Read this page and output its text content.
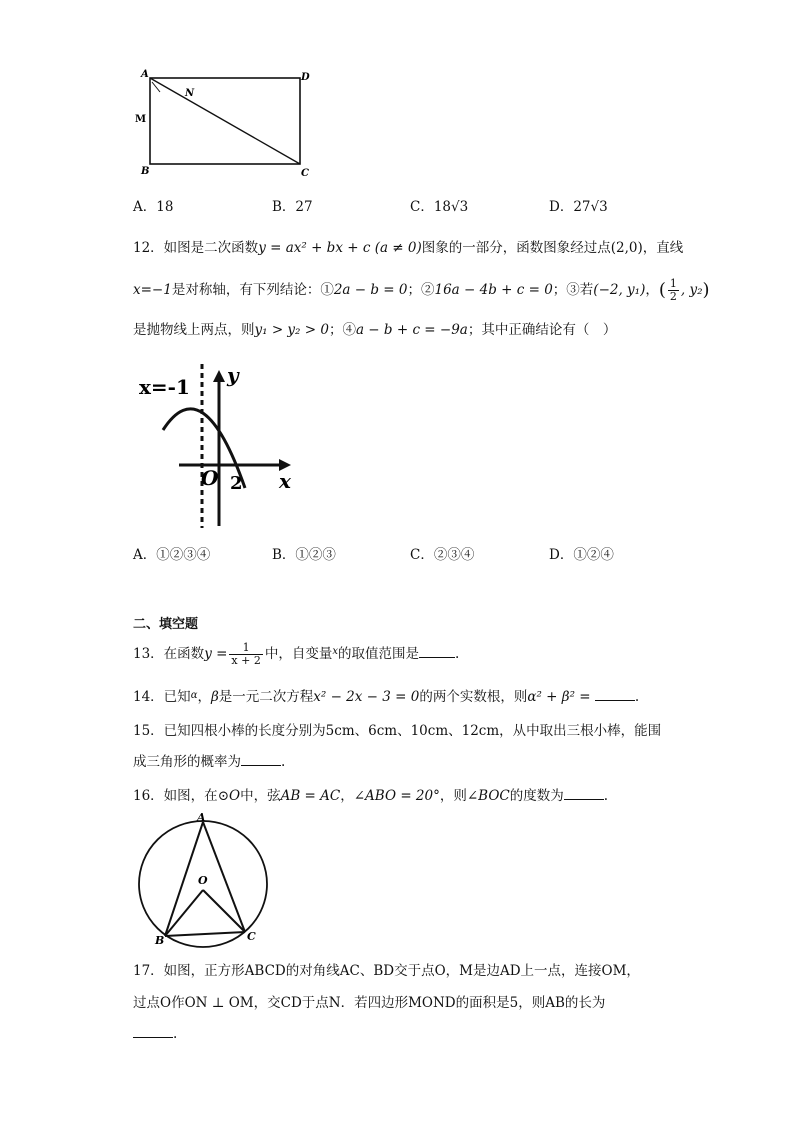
A	D
B	C
M
N
A．18	B．27	C．18√3	D．27√3
12．如图是二次函数y = ax² + bx + c (a ≠ 0)图象的一部分，函数图象经过点(2,0)，直线
x=−1是对称轴，有下列结论：①2a − b = 0；②16a − 4b + c = 0；③若(−2, y₁)，( $\frac{1}{2}$ , y₂)
是抛物线上两点，则y₁ > y₂ > 0；④a − b + c = −9a；其中正确结论有（　）
x=-1 y
x
O 2
A．①②③④	B．①②③	C．②③④	D．①②④
二、填空题
13．在函数$y = \frac{1}{x + 2}$ 中，自变量$^x$的取值范围是	.
14．已知$^\alpha$，β是一元二次方程x² − 2x − 3 = 0的两个实数根，则α² + β² =	.
15．已知四根小棒的长度分别为5cm、6cm、10cm、12cm，从中取出三根小棒，能围
成三角形的概率为	.
16．如图，在⊙O中，弦AB = AC，∠ABO = 20°，则∠BOC的度数为	.
A
O
B	C
17．如图，正方形ABCD的对角线AC、BD交于点O，M是边AD上一点，连接OM，
过点O作ON ⊥ OM，交CD于点N．若四边形MOND的面积是5，则AB的长为
.
